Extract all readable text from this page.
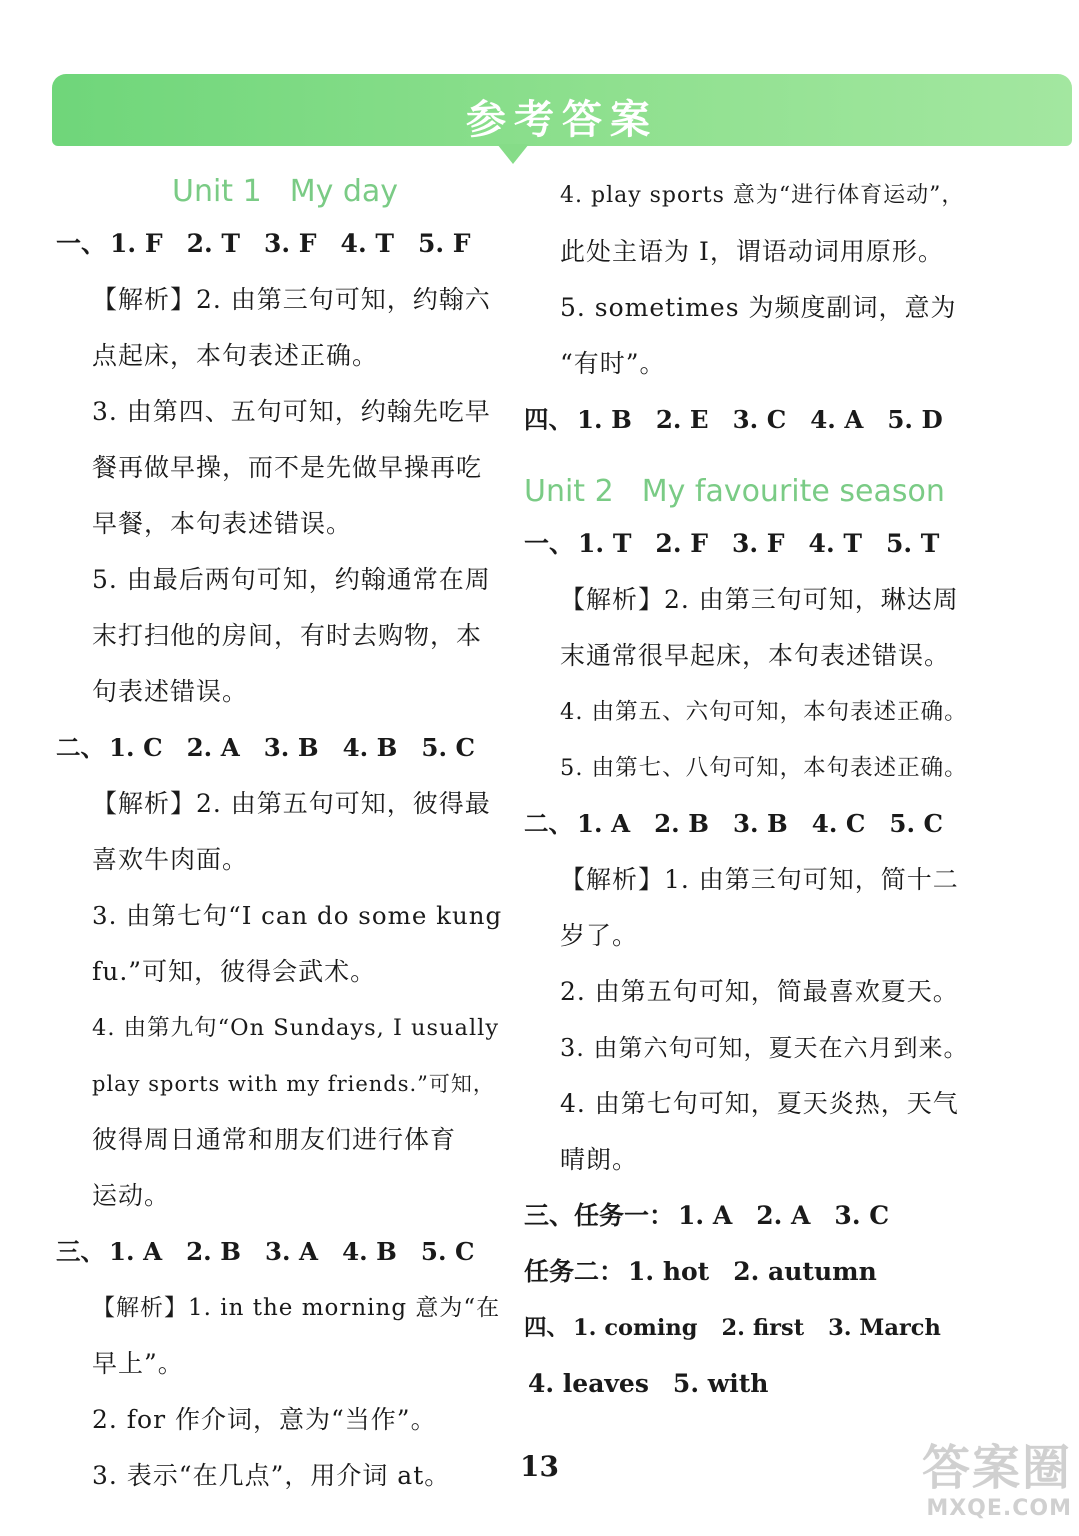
参考答案
Unit 1 My day
一、 1. F 2. T 3. F 4. T 5. F
【解析】2. 由第三句可知，约翰六
点起床，本句表述正确。
3. 由第四、五句可知，约翰先吃早
餐再做早操，而不是先做早操再吃
早餐，本句表述错误。
5. 由最后两句可知，约翰通常在周
末打扫他的房间，有时去购物，本
句表述错误。
二、 1. C 2. A 3. B 4. B 5. C
【解析】2. 由第五句可知，彼得最
喜欢牛肉面。
3. 由第七句“I can do some kung
fu.”可知，彼得会武术。
4. 由第九句“On Sundays, I usually
play sports with my friends.”可知，
彼得周日通常和朋友们进行体育
运动。
三、 1. A 2. B 3. A 4. B 5. C
【解析】1. in the morning 意为“在
早上”。
2. for 作介词，意为“当作”。
3. 表示“在几点”，用介词 at。
4. play sports 意为“进行体育运动”，
此处主语为 I，谓语动词用原形。
5. sometimes 为频度副词，意为
“有时”。
四、 1. B 2. E 3. C 4. A 5. D
Unit 2 My favourite season
一、 1. T 2. F 3. F 4. T 5. T
【解析】2. 由第三句可知，琳达周
末通常很早起床，本句表述错误。
4. 由第五、六句可知，本句表述正确。
5. 由第七、八句可知，本句表述正确。
二、 1. A 2. B 3. B 4. C 5. C
【解析】1. 由第三句可知，简十二
岁了。
2. 由第五句可知，简最喜欢夏天。
3. 由第六句可知，夏天在六月到来。
4. 由第七句可知，夏天炎热，天气
晴朗。
三、任务一： 1. A 2. A 3. C
任务二： 1. hot 2. autumn
四、 1. coming 2. first 3. March
4. leaves 5. with
13	答案圈
MXQE.COM
